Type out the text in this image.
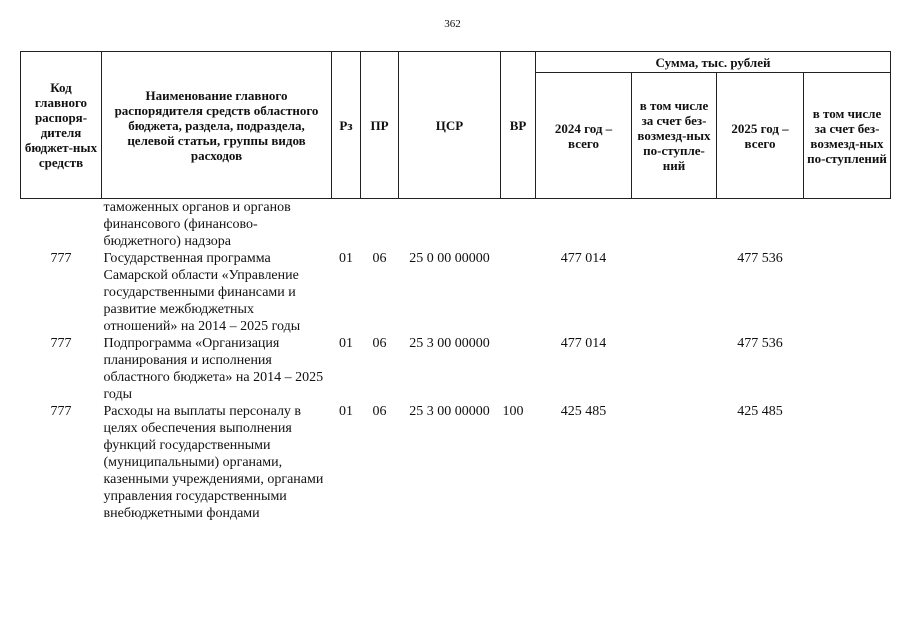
362
Код главного распоря-дителя бюджет-ных средств	Наименование главного распорядителя средств областного бюджета, раздела, подраздела, целевой статьи, группы видов расходов	Рз	ПР	ЦСР	ВР	Сумма, тыс. рублей			
						2024 год – всего	в том числе за счет без-возмезд-ных по-ступле-ний	2025 год – всего	в том числе за счет без-возмезд-ных по-ступлений
	таможенных органов и органов финансового (финансово-бюджетного) надзора								
777	Государственная программа Самарской области «Управление государственными финансами и развитие межбюджетных отношений» на 2014 – 2025 годы	01	06	25 0 00 00000		477 014		477 536	
777	Подпрограмма «Организация планирования и исполнения областного бюджета» на 2014 – 2025 годы	01	06	25 3 00 00000		477 014		477 536	
777	Расходы на выплаты персоналу в целях обеспечения выполнения функций государственными (муниципальными) органами, казенными учреждениями, органами управления государственными внебюджетными фондами	01	06	25 3 00 00000	100	425 485		425 485	
